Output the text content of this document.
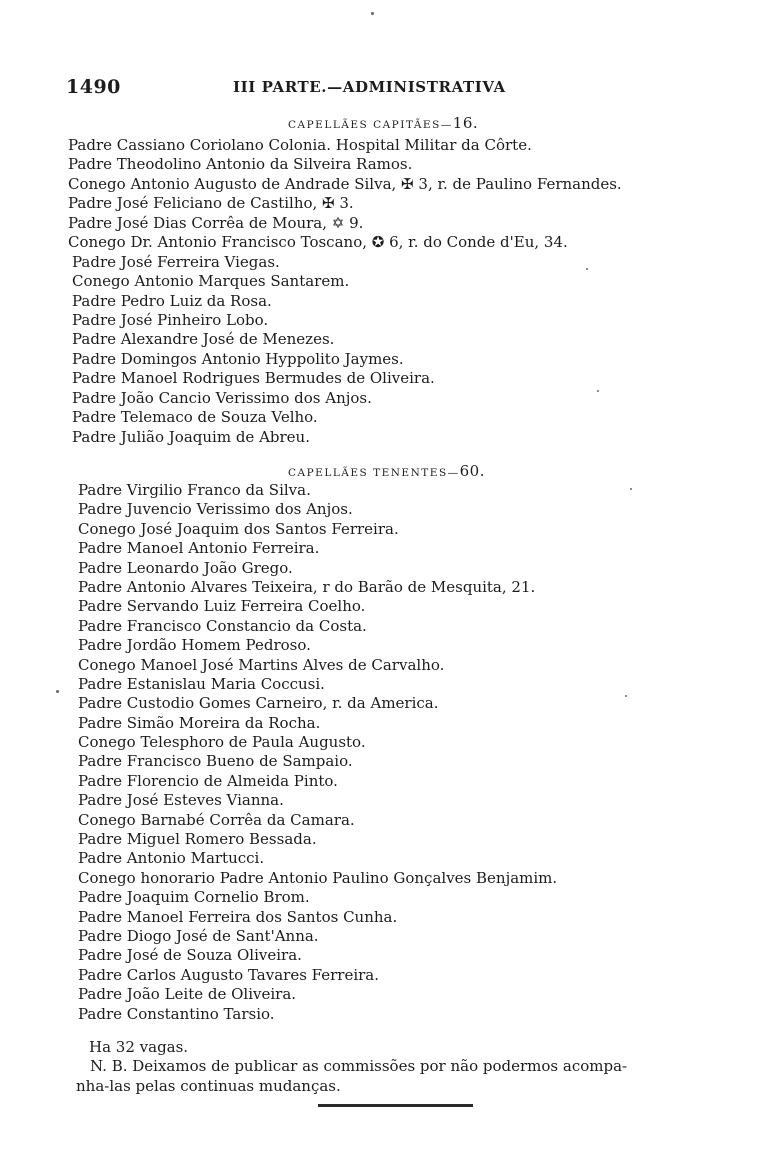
1490	III PARTE.—ADMINISTRATIVA
CAPELLÃES CAPITÃES—16.
Padre Cassiano Coriolano Colonia. Hospital Militar da Côrte.
Padre Theodolino Antonio da Silveira Ramos.
Conego Antonio Augusto de Andrade Silva, ✠ 3, r. de Paulino Fernandes.
Padre José Feliciano de Castilho, ✠ 3.
Padre José Dias Corrêa de Moura, ✡ 9.
Conego Dr. Antonio Francisco Toscano, ✪ 6, r. do Conde d'Eu, 34.
Padre José Ferreira Viegas.
Conego Antonio Marques Santarem.
Padre Pedro Luiz da Rosa.
Padre José Pinheiro Lobo.
Padre Alexandre José de Menezes.
Padre Domingos Antonio Hyppolito Jaymes.
Padre Manoel Rodrigues Bermudes de Oliveira.
Padre João Cancio Verissimo dos Anjos.
Padre Telemaco de Souza Velho.
Padre Julião Joaquim de Abreu.
CAPELLÃES TENENTES—60.
Padre Virgilio Franco da Silva.
Padre Juvencio Verissimo dos Anjos.
Conego José Joaquim dos Santos Ferreira.
Padre Manoel Antonio Ferreira.
Padre Leonardo João Grego.
Padre Antonio Alvares Teixeira, r do Barão de Mesquita, 21.
Padre Servando Luiz Ferreira Coelho.
Padre Francisco Constancio da Costa.
Padre Jordão Homem Pedroso.
Conego Manoel José Martins Alves de Carvalho.
Padre Estanislau Maria Coccusi.
Padre Custodio Gomes Carneiro, r. da America.
Padre Simão Moreira da Rocha.
Conego Telesphoro de Paula Augusto.
Padre Francisco Bueno de Sampaio.
Padre Florencio de Almeida Pinto.
Padre José Esteves Vianna.
Conego Barnabé Corrêa da Camara.
Padre Miguel Romero Bessada.
Padre Antonio Martucci.
Conego honorario Padre Antonio Paulino Gonçalves Benjamim.
Padre Joaquim Cornelio Brom.
Padre Manoel Ferreira dos Santos Cunha.
Padre Diogo José de Sant'Anna.
Padre José de Souza Oliveira.
Padre Carlos Augusto Tavares Ferreira.
Padre João Leite de Oliveira.
Padre Constantino Tarsio.
Ha 32 vagas.
N. B. Deixamos de publicar as commissões por não podermos acompa-
nha-las pelas continuas mudanças.
